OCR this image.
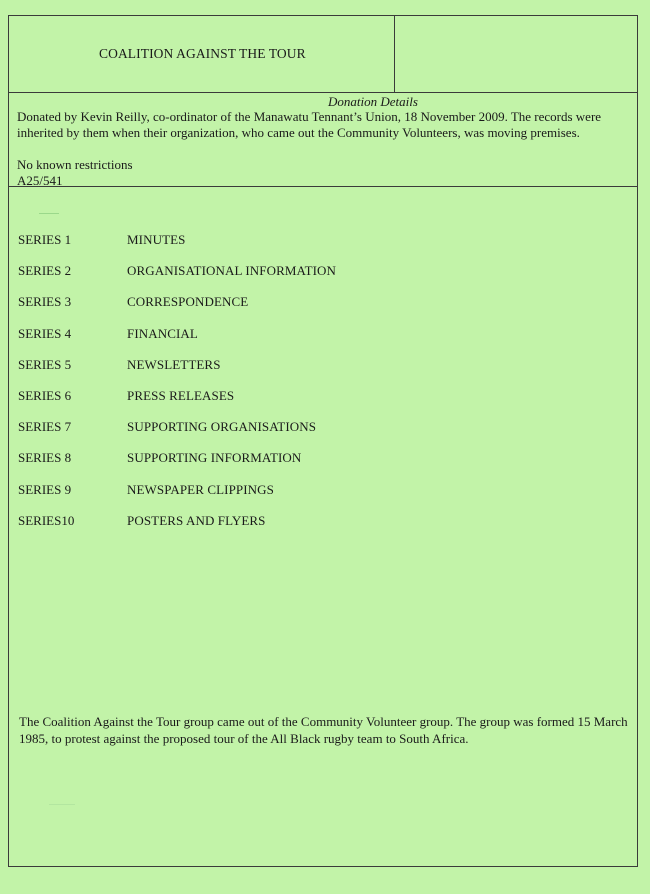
COALITION AGAINST THE TOUR
Donation Details
Donated by Kevin Reilly, co-ordinator of the Manawatu Tennant’s Union, 18 November 2009. The records were inherited by them when their organization, who came out the Community Volunteers, was moving premises.
No known restrictions
A25/541
SERIES 1	MINUTES
SERIES 2	ORGANISATIONAL INFORMATION
SERIES 3	CORRESPONDENCE
SERIES 4	FINANCIAL
SERIES 5	NEWSLETTERS
SERIES 6	PRESS RELEASES
SERIES 7	SUPPORTING ORGANISATIONS
SERIES 8	SUPPORTING INFORMATION
SERIES 9	NEWSPAPER CLIPPINGS
SERIES10	POSTERS AND FLYERS
The Coalition Against the Tour group came out of the Community Volunteer group. The group was formed 15 March 1985, to protest against the proposed tour of the All Black rugby team to South Africa.
